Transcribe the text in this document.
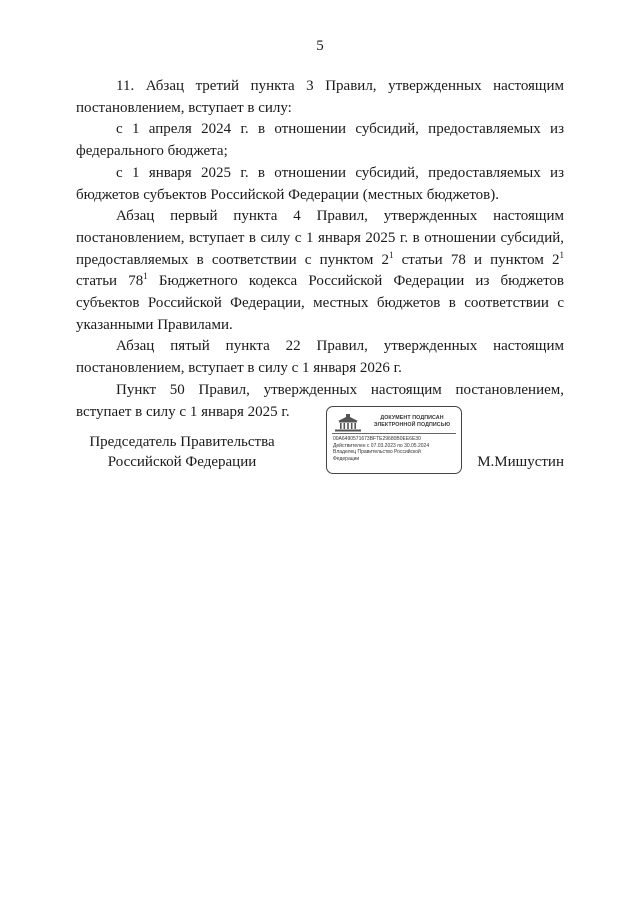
5

11. Абзац третий пункта 3 Правил, утвержденных настоящим постановлением, вступает в силу:

с 1 апреля 2024 г. в отношении субсидий, предоставляемых из федерального бюджета;

с 1 января 2025 г. в отношении субсидий, предоставляемых из бюджетов субъектов Российской Федерации (местных бюджетов).

Абзац первый пункта 4 Правил, утвержденных настоящим постановлением, вступает в силу с 1 января 2025 г. в отношении субсидий, предоставляемых в соответствии с пунктом $2^1$ статьи 78 и пунктом $2^1$ статьи $78^1$ Бюджетного кодекса Российской Федерации из бюджетов субъектов Российской Федерации, местных бюджетов в соответствии с указанными Правилами.

Абзац пятый пункта 22 Правил, утвержденных настоящим постановлением, вступает в силу с 1 января 2026 г.

Пункт 50 Правил, утвержденных настоящим постановлением, вступает в силу с 1 января 2025 г.

Председатель Правительства
Российской Федерации
ДОКУМЕНТ ПОДПИСАН
ЭЛЕКТРОННОЙ ПОДПИСЬЮ
00A6490571673BFTE29680B0EE6E30
Действителен с 07.03.2023 по 30.05.2024
Владелец Правительство Российской
Федерации	М.Мишустин
